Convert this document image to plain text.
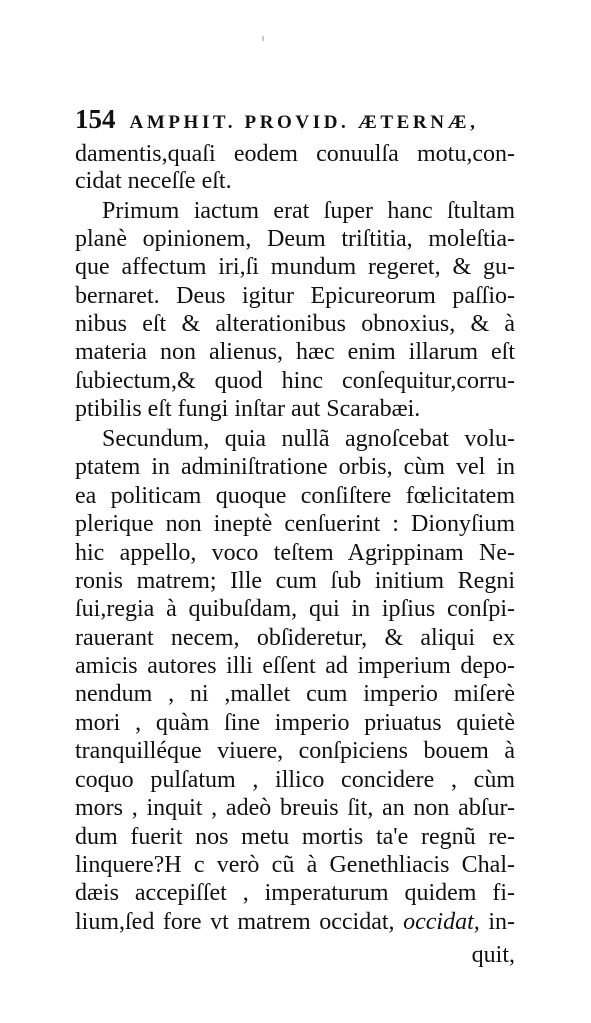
154 AMPHIT. PROVID. ÆTERNÆ,
damentis,quaſi eodem conuulſa motu,con-
cidat neceſſe eſt.
Primum iactum erat ſuper hanc ſtultam
planè opinionem, Deum triſtitia, moleſtia-
que affectum iri,ſi mundum regeret, & gu-
bernaret. Deus igitur Epicureorum paſſio-
nibus eſt & alterationibus obnoxius, & à
materia non alienus, hæc enim illarum eſt
ſubiectum,& quod hinc conſequitur,corru-
ptibilis eſt fungi inſtar aut Scarabæi.
Secundum, quia nullã agnoſcebat volu-
ptatem in adminiſtratione orbis, cùm vel in
ea politicam quoque conſiſtere fœlicitatem
plerique non ineptè cenſuerint : Dionyſium
hic appello, voco teſtem Agrippinam Ne-
ronis matrem; Ille cum ſub initium Regni
ſui,regia à quibuſdam, qui in ipſius conſpi-
rauerant necem, obſideretur, & aliqui ex
amicis autores illi eſſent ad imperium depo-
nendum , ni ,mallet cum imperio miſerè
mori , quàm ſine imperio priuatus quietè
tranquilléque viuere, conſpiciens bouem à
coquo pulſatum , illico concidere , cùm
mors , inquit , adeò breuis ſit, an non abſur-
dum fuerit nos metu mortis ta'e regnũ re-
linquere?H c verò cũ à Genethliacis Chal-
dæis accepiſſet , imperaturum quidem fi-
lium,ſed fore vt matrem occidat, occidat, in-
quit,
